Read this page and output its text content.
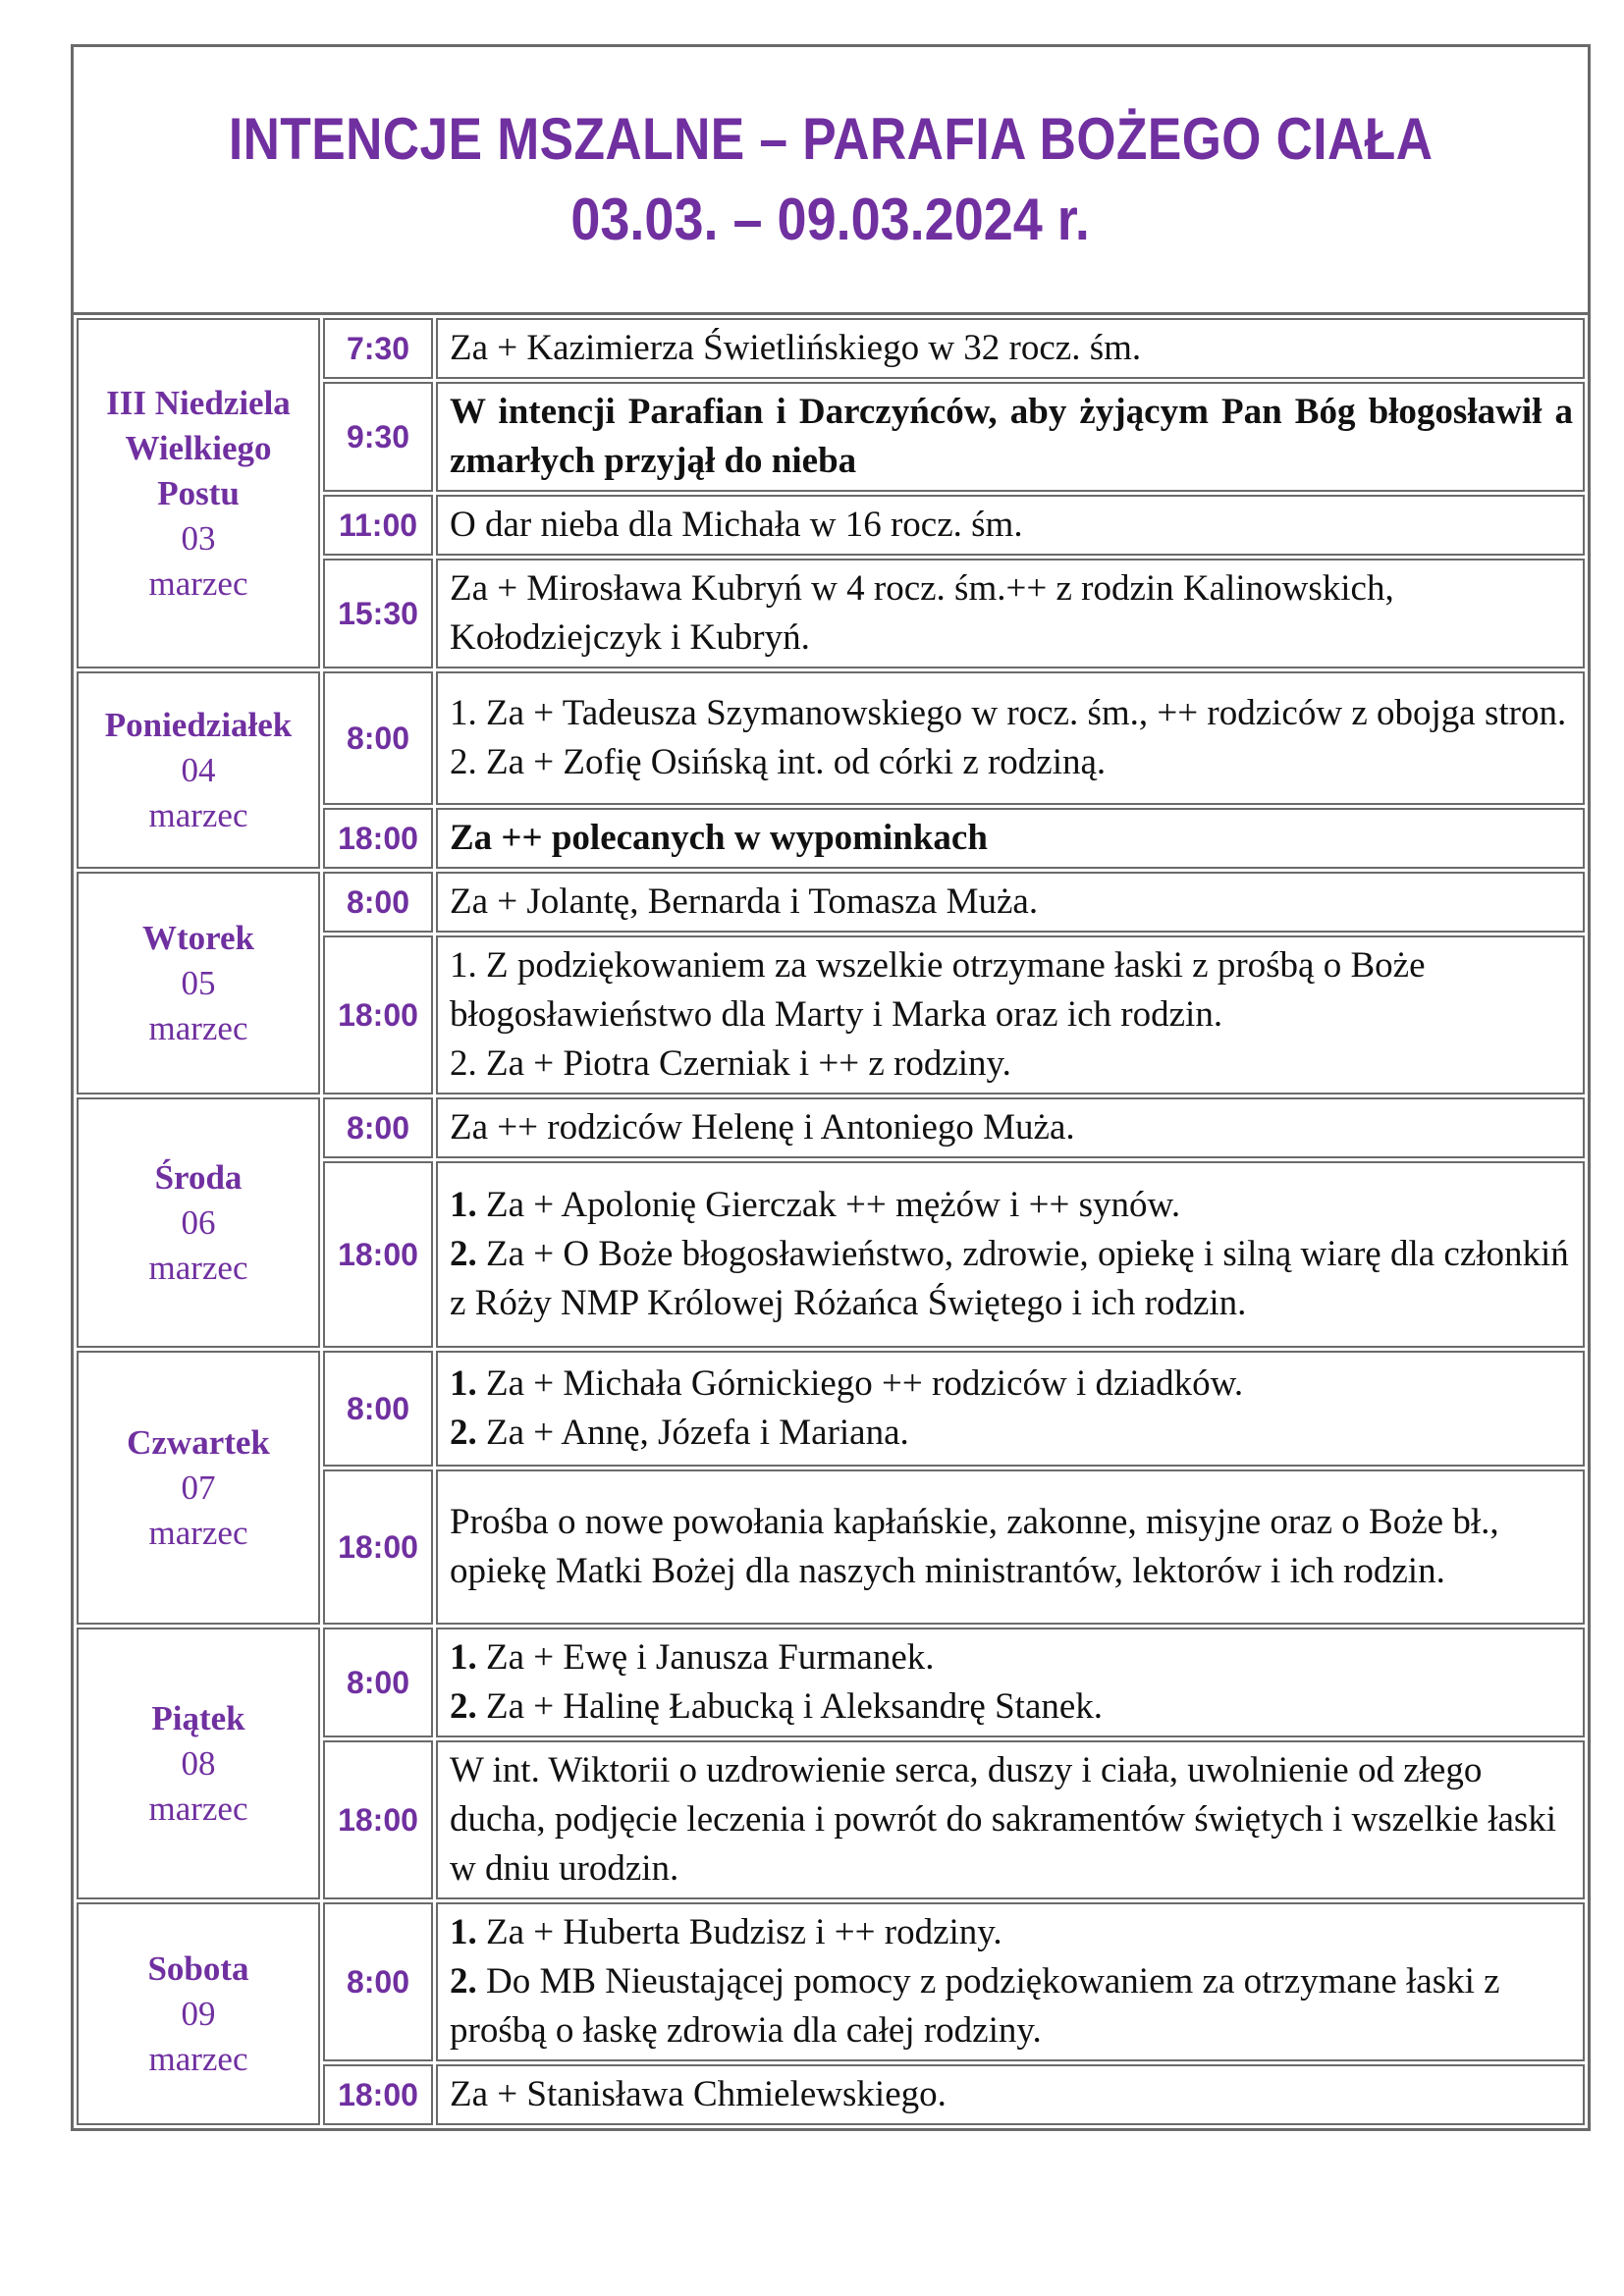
INTENCJE MSZALNE – PARAFIA BOŻEGO CIAŁA
03.03. – 09.03.2024 r.
III Niedziela
Wielkiego
Postu
03
marzec	7:30	Za + Kazimierza Świetlińskiego w 32 rocz. śm.

	9:30	W intencji Parafian i Darczyńców, aby żyjącym Pan Bóg błogosławił a zmarłych przyjął do nieba

	11:00	O dar nieba dla Michała w 16 rocz. śm.

	15:30	Za + Mirosława Kubryń w 4 rocz. śm.++ z rodzin Kalinowskich, Kołodziejczyk i Kubryń.

Poniedziałek
04
marzec	8:00	1. Za + Tadeusza Szymanowskiego w rocz. śm., ++ rodziców z obojga stron.
2. Za + Zofię Osińską int. od córki z rodziną.

	18:00	Za ++ polecanych w wypominkach

Wtorek
05
marzec	8:00	Za + Jolantę, Bernarda i Tomasza Muża.

	18:00	1. Z podziękowaniem za wszelkie otrzymane łaski z prośbą o Boże błogosławieństwo dla Marty i Marka oraz ich rodzin.
2. Za + Piotra Czerniak i ++ z rodziny.

Środa
06
marzec	8:00	Za ++ rodziców Helenę i Antoniego Muża.

	18:00	1. Za + Apolonię Gierczak ++ mężów i ++ synów.
2. Za + O Boże błogosławieństwo, zdrowie, opiekę i silną wiarę dla członkiń z Róży NMP Królowej Różańca Świętego i ich rodzin.

Czwartek
07
marzec	8:00	1. Za + Michała Górnickiego ++ rodziców i dziadków.
2. Za + Annę, Józefa i Mariana.

	18:00	Prośba o nowe powołania kapłańskie, zakonne, misyjne oraz o Boże bł., opiekę Matki Bożej dla naszych ministrantów, lektorów i ich rodzin.

Piątek
08
marzec	8:00	1. Za + Ewę i Janusza Furmanek.
2. Za + Halinę Łabucką i Aleksandrę Stanek.

	18:00	W int. Wiktorii o uzdrowienie serca, duszy i ciała, uwolnienie od złego ducha, podjęcie leczenia i powrót do sakramentów świętych i wszelkie łaski w dniu urodzin.

Sobota
09
marzec	8:00	1. Za + Huberta Budzisz i ++ rodziny.
2. Do MB Nieustającej pomocy z podziękowaniem za otrzymane łaski z prośbą o łaskę zdrowia dla całej rodziny.

	18:00	Za + Stanisława Chmielewskiego.
